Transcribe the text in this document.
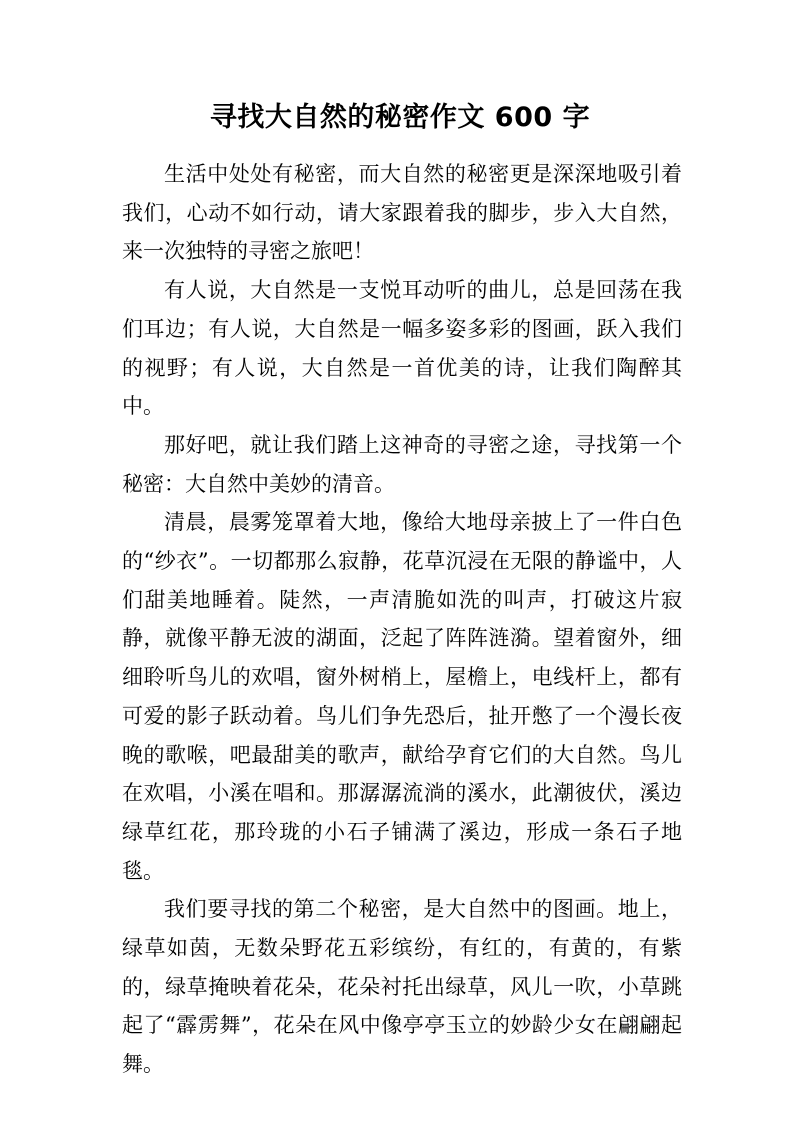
寻找大自然的秘密作文 600 字

生活中处处有秘密，而大自然的秘密更是深深地吸引着我们，心动不如行动，请大家跟着我的脚步，步入大自然，来一次独特的寻密之旅吧！

有人说，大自然是一支悦耳动听的曲儿，总是回荡在我们耳边；有人说，大自然是一幅多姿多彩的图画，跃入我们的视野；有人说，大自然是一首优美的诗，让我们陶醉其中。

那好吧，就让我们踏上这神奇的寻密之途，寻找第一个秘密：大自然中美妙的清音。

清晨，晨雾笼罩着大地，像给大地母亲披上了一件白色的“纱衣”。一切都那么寂静，花草沉浸在无限的静谧中，人们甜美地睡着。陡然，一声清脆如洗的叫声，打破这片寂静，就像平静无波的湖面，泛起了阵阵涟漪。望着窗外，细细聆听鸟儿的欢唱，窗外树梢上，屋檐上，电线杆上，都有可爱的影子跃动着。鸟儿们争先恐后，扯开憋了一个漫长夜晚的歌喉，吧最甜美的歌声，献给孕育它们的大自然。鸟儿在欢唱，小溪在唱和。那潺潺流淌的溪水，此潮彼伏，溪边绿草红花，那玲珑的小石子铺满了溪边，形成一条石子地毯。

我们要寻找的第二个秘密，是大自然中的图画。地上，绿草如茵，无数朵野花五彩缤纷，有红的，有黄的，有紫的，绿草掩映着花朵，花朵衬托出绿草，风儿一吹，小草跳起了“霹雳舞”，花朵在风中像亭亭玉立的妙龄少女在翩翩起舞。
